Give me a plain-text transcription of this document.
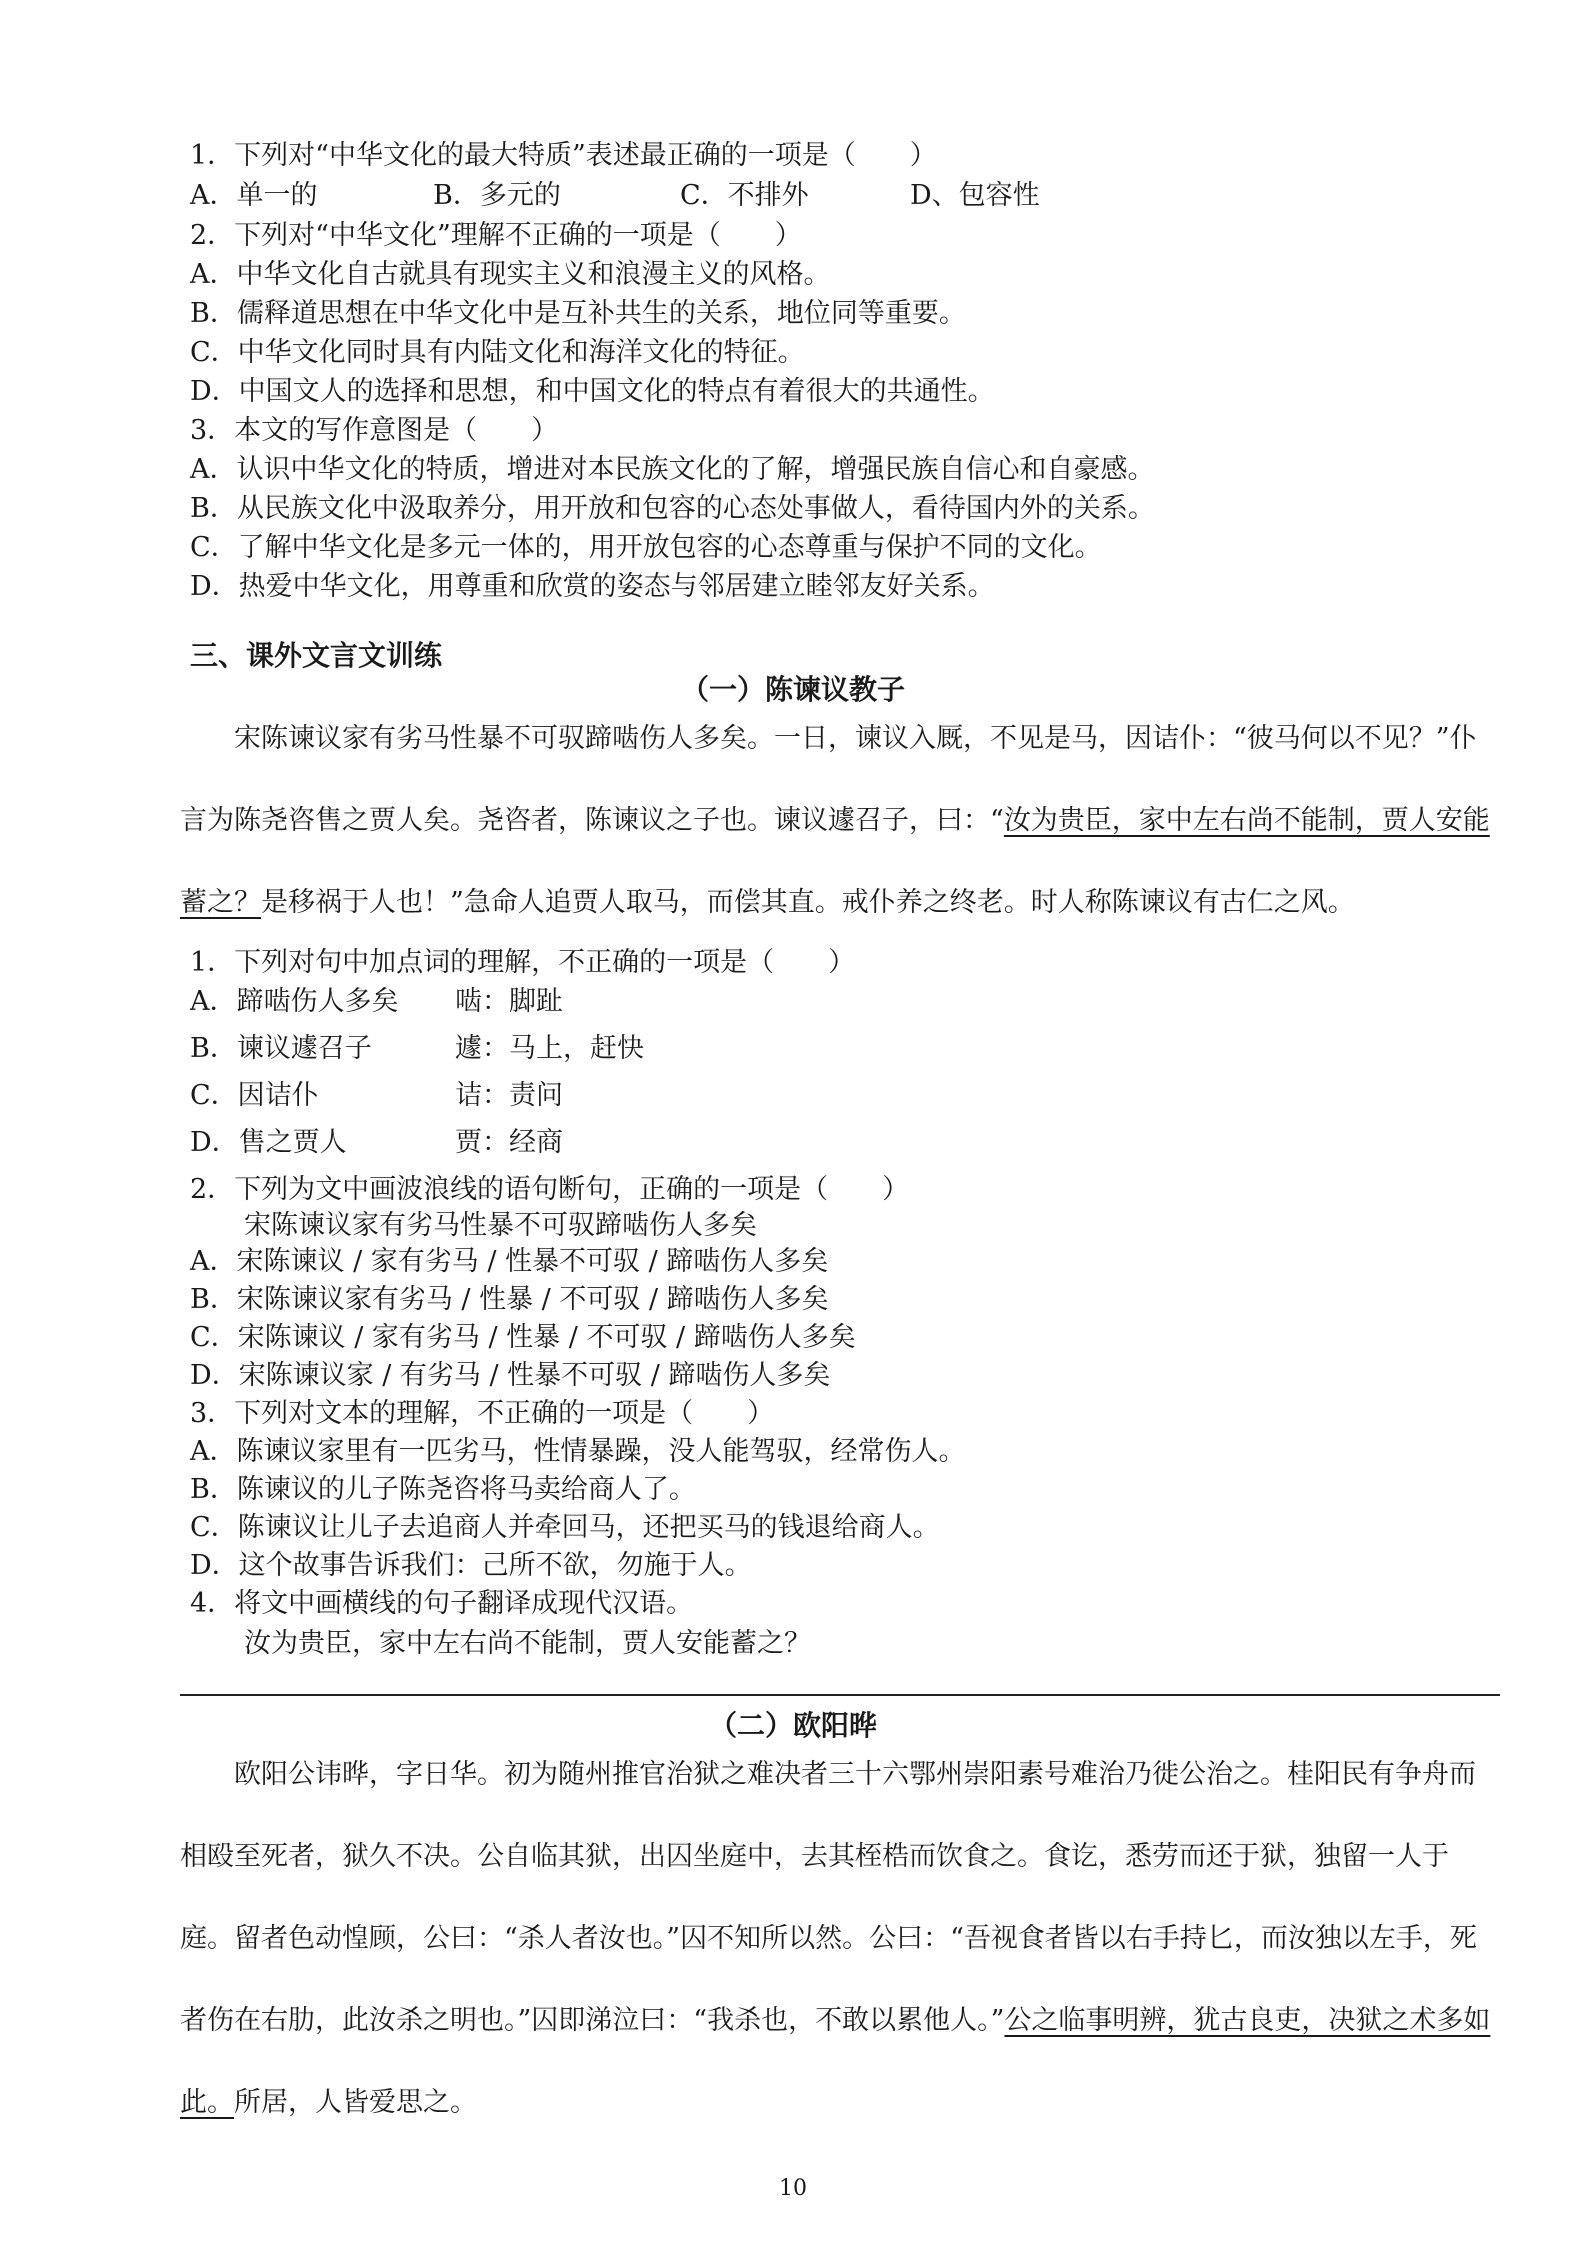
1．下列对“中华文化的最大特质”表述最正确的一项是（　　）
A．单一的	B．多元的	C．不排外	D、包容性
2．下列对“中华文化”理解不正确的一项是（　　）
A．中华文化自古就具有现实主义和浪漫主义的风格。
B．儒释道思想在中华文化中是互补共生的关系，地位同等重要。
C．中华文化同时具有内陆文化和海洋文化的特征。
D．中国文人的选择和思想，和中国文化的特点有着很大的共通性。
3．本文的写作意图是（　　）
A．认识中华文化的特质，增进对本民族文化的了解，增强民族自信心和自豪感。
B．从民族文化中汲取养分，用开放和包容的心态处事做人，看待国内外的关系。
C．了解中华文化是多元一体的，用开放包容的心态尊重与保护不同的文化。
D．热爱中华文化，用尊重和欣赏的姿态与邻居建立睦邻友好关系。
三、课外文言文训练
（一）陈谏议教子

宋陈谏议家有劣马性暴不可驭蹄啮伤人多矣。一日，谏议入厩，不见是马，因诘仆：“彼马何以不见？”仆言为陈尧咨售之贾人矣。尧咨者，陈谏议之子也。谏议遽召子，曰：“汝为贵臣，家中左右尚不能制，贾人安能蓄之？是移祸于人也！”急命人追贾人取马，而偿其直。戒仆养之终老。时人称陈谏议有古仁之风。

1．下列对句中加点词的理解，不正确的一项是（　　）
A．蹄啮伤人多矣 啮：脚趾
B．谏议遽召子	遽：马上，赶快
C．因诘仆	诘：责问
D．售之贾人	贾：经商
2．下列为文中画波浪线的语句断句，正确的一项是（　　）
宋陈谏议家有劣马性暴不可驭蹄啮伤人多矣
A．宋陈谏议 / 家有劣马 / 性暴不可驭 / 蹄啮伤人多矣
B．宋陈谏议家有劣马 / 性暴 / 不可驭 / 蹄啮伤人多矣
C．宋陈谏议 / 家有劣马 / 性暴 / 不可驭 / 蹄啮伤人多矣
D．宋陈谏议家 / 有劣马 / 性暴不可驭 / 蹄啮伤人多矣
3．下列对文本的理解，不正确的一项是（　　）
A．陈谏议家里有一匹劣马，性情暴躁，没人能驾驭，经常伤人。
B．陈谏议的儿子陈尧咨将马卖给商人了。
C．陈谏议让儿子去追商人并牵回马，还把买马的钱退给商人。
D．这个故事告诉我们：己所不欲，勿施于人。
4．将文中画横线的句子翻译成现代汉语。
汝为贵臣，家中左右尚不能制，贾人安能蓄之？
（二）欧阳晔

欧阳公讳晔，字日华。初为随州推官治狱之难决者三十六鄂州崇阳素号难治乃徙公治之。桂阳民有争舟而相殴至死者，狱久不决。公自临其狱，出囚坐庭中，去其桎梏而饮食之。食讫，悉劳而还于狱，独留一人于庭。留者色动惶顾，公曰：“杀人者汝也。”囚不知所以然。公曰：“吾视食者皆以右手持匕，而汝独以左手，死者伤在右肋，此汝杀之明也。”囚即涕泣曰：“我杀也，不敢以累他人。”公之临事明辨，犹古良吏，决狱之术多如此。所居，人皆爱思之。

10
